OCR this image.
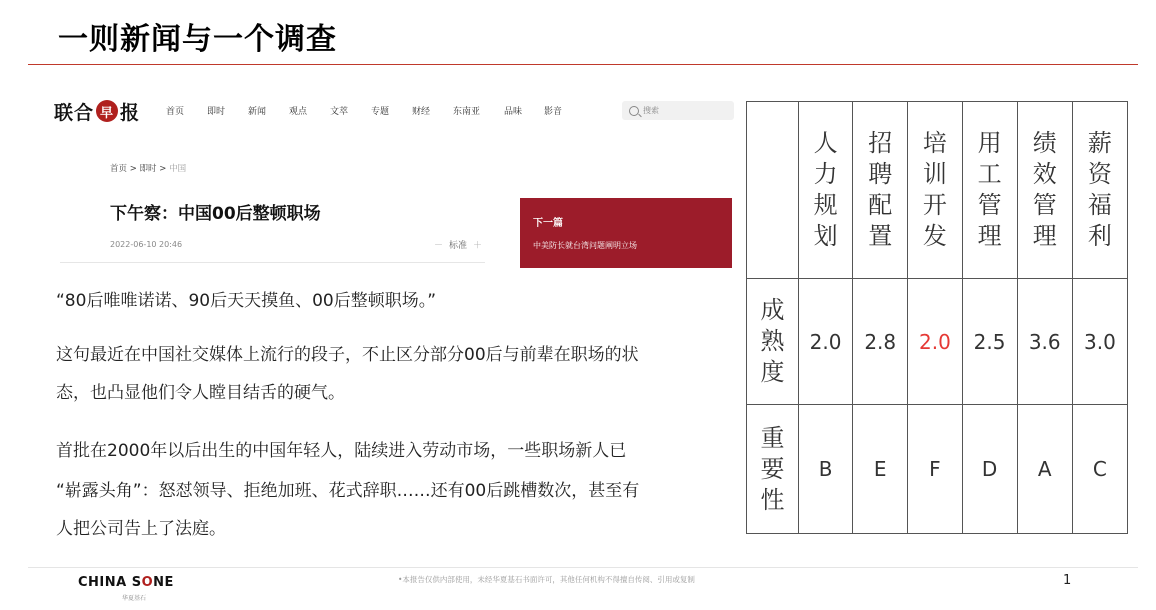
一则新闻与一个调查
联合 早 报	首页	即时	新闻	观点	文萃	专题	财经	东南亚	品味	影音	搜索
首页 > 即时 > 中国
下午察：中国00后整顿职场
2022-06-10 20:46	－ 标准 ＋
下一篇
中美防长就台湾问题阐明立场
“80后唯唯诺诺、90后天天摸鱼、00后整顿职场。”
这句最近在中国社交媒体上流行的段子，不止区分部分00后与前辈在职场的状
态，也凸显他们令人瞠目结舌的硬气。
首批在2000年以后出生的中国年轻人，陆续进入劳动市场，一些职场新人已
“崭露头角”：怒怼领导、拒绝加班、花式辞职……还有00后跳槽数次，甚至有
人把公司告上了法庭。

	人
力
规
划	招
聘
配
置	培
训
开
发	用
工
管
理	绩
效
管
理	薪
资
福
利

成
熟
度	2.0	2.8	2.0	2.5	3.6	3.0

重
要
性	B	E	F	D	A	C
CHINA SONE
华夏基石
•本报告仅供内部使用，未经华夏基石书面许可，其他任何机构不得擅自传阅、引用或复制	1
